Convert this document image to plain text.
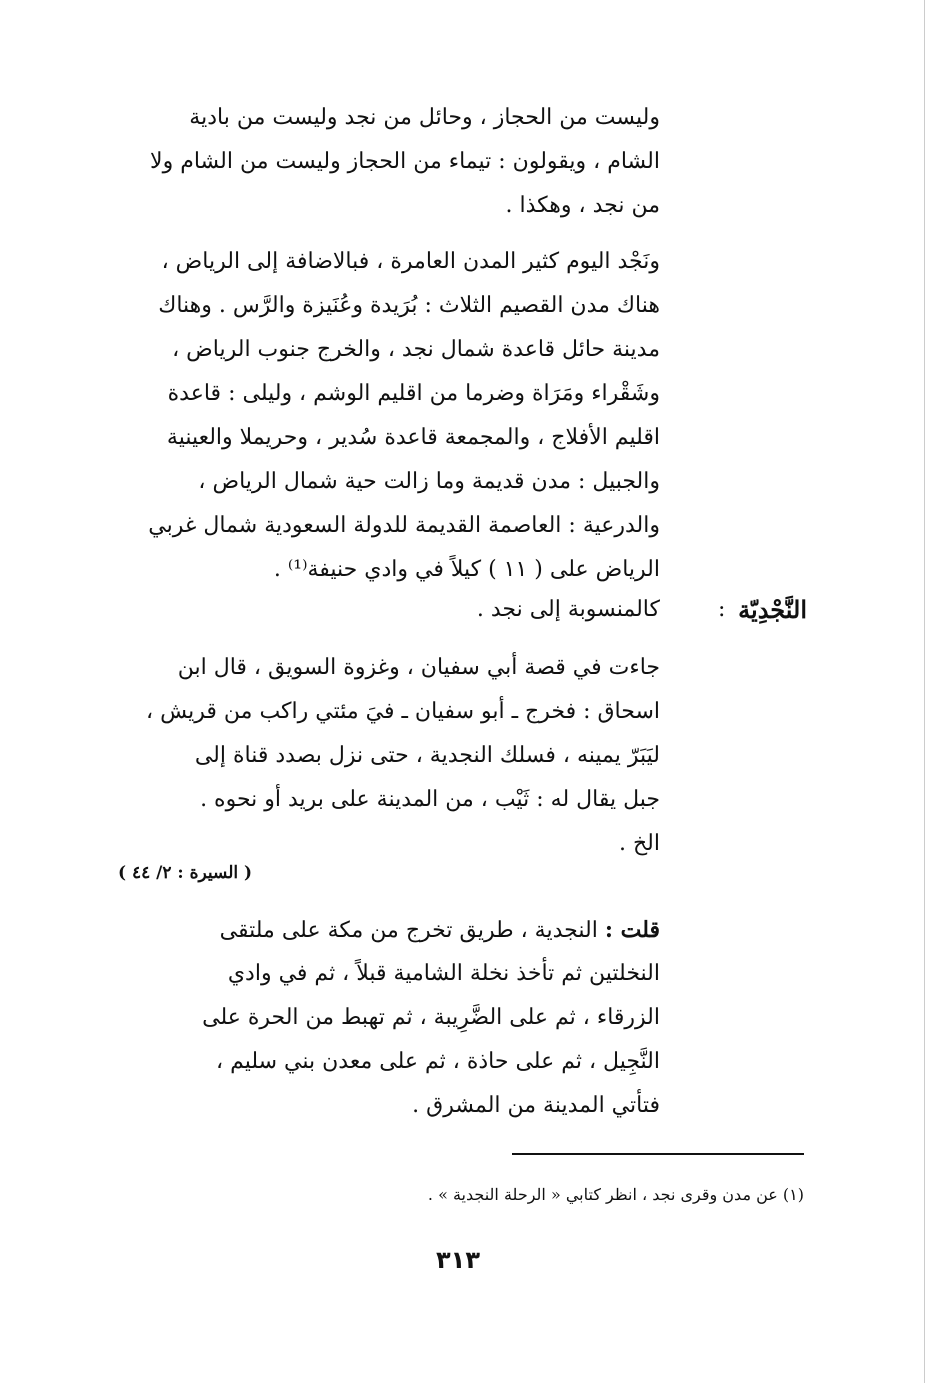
وليست من الحجاز ، وحائل من نجد وليست من بادية
الشام ، ويقولون : تيماء من الحجاز وليست من الشام ولا
من نجد ، وهكذا .
ونَجْد اليوم كثير المدن العامرة ، فبالاضافة إلى الرياض ،
هناك مدن القصيم الثلاث : بُرَيدة وعُنَيزة والرَّس . وهناك
مدينة حائل قاعدة شمال نجد ، والخرج جنوب الرياض ،
وشَقْراء ومَرَاة وضرما من اقليم الوشم ، وليلى : قاعدة
اقليم الأفلاج ، والمجمعة قاعدة سُدير ، وحريملا والعينية
والجبيل : مدن قديمة وما زالت حية شمال الرياض ،
والدرعية : العاصمة القديمة للدولة السعودية شمال غربي
الرياض على ( ١١ ) كيلاً في وادي حنيفة⁽¹⁾ .
النَّجْدِيّة
:
كالمنسوبة إلى نجد .
جاءت في قصة أبي سفيان ، وغزوة السويق ، قال ابن
اسحاق : فخرج ـ أبو سفيان ـ فيَ مئتي راكب من قريش ،
ليَبَرّ يمينه ، فسلك النجدية ، حتى نزل بصدد قناة إلى
جبل يقال له : ثَيْب ، من المدينة على بريد أو نحوه .
الخ .
( السيرة : ٢/ ٤٤ )
قلت : النجدية ، طريق تخرج من مكة على ملتقى
النخلتين ثم تأخذ نخلة الشامية قبلاً ، ثم في وادي
الزرقاء ، ثم على الضَّرِيبة ، ثم تهبط من الحرة على
النَّجِيل ، ثم على حاذة ، ثم على معدن بني سليم ،
فتأتي المدينة من المشرق .
(١) عن مدن وقرى نجد ، انظر كتابي « الرحلة النجدية » .
٣١٣
